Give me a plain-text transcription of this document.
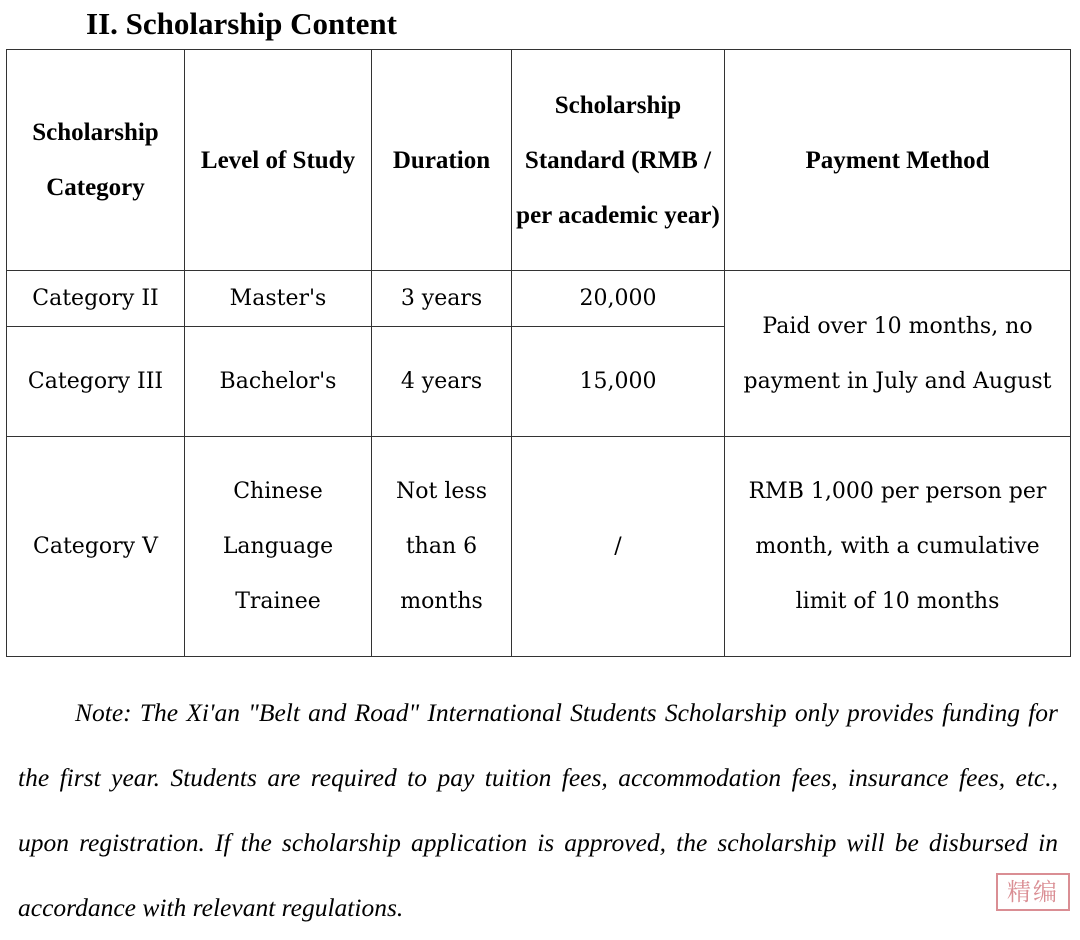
II. Scholarship Content
Scholarship Category	Level of Study	Duration	Scholarship Standard (RMB / per academic year)	Payment Method
Category II	Master's	3 years	20,000	Paid over 10 months, no payment in July and August
Category III	Bachelor's	4 years	15,000	
Category V	Chinese Language Trainee	Not less than 6 months	/	RMB 1,000 per person per month, with a cumulative limit of 10 months
Note: The Xi'an "Belt and Road" International Students Scholarship only provides funding for the first year. Students are required to pay tuition fees, accommodation fees, insurance fees, etc., upon registration. If the scholarship application is approved, the scholarship will be disbursed in accordance with relevant regulations.
精编
